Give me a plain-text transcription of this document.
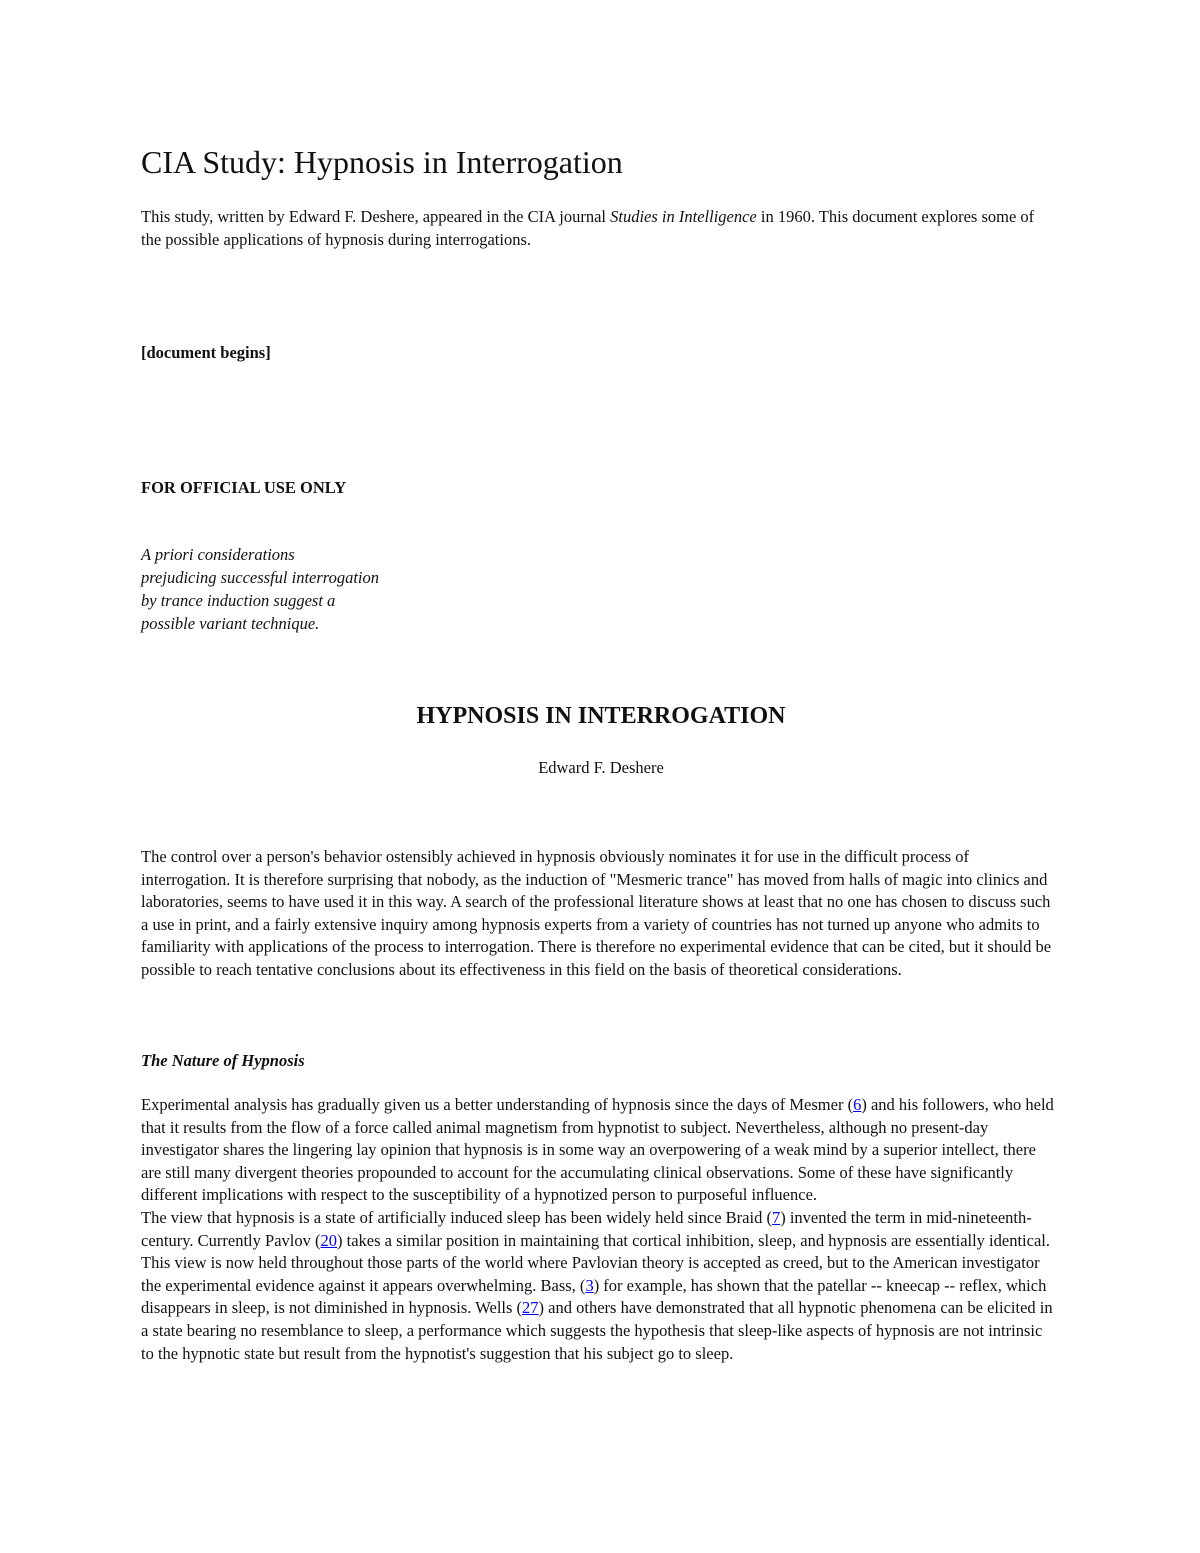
CIA Study: Hypnosis in Interrogation

This study, written by Edward F. Deshere, appeared in the CIA journal Studies in Intelligence in 1960. This document explores some of the possible applications of hypnosis during interrogations.

[document begins]

FOR OFFICIAL USE ONLY

A priori considerations
prejudicing successful interrogation
by trance induction suggest a
possible variant technique.

HYPNOSIS IN INTERROGATION

Edward F. Deshere

The control over a person's behavior ostensibly achieved in hypnosis obviously nominates it for use in the difficult process of interrogation. It is therefore surprising that nobody, as the induction of "Mesmeric trance" has moved from halls of magic into clinics and laboratories, seems to have used it in this way. A search of the professional literature shows at least that no one has chosen to discuss such a use in print, and a fairly extensive inquiry among hypnosis experts from a variety of countries has not turned up anyone who admits to familiarity with applications of the process to interrogation. There is therefore no experimental evidence that can be cited, but it should be possible to reach tentative conclusions about its effectiveness in this field on the basis of theoretical considerations.

The Nature of Hypnosis

Experimental analysis has gradually given us a better understanding of hypnosis since the days of Mesmer (6) and his followers, who held that it results from the flow of a force called animal magnetism from hypnotist to subject. Nevertheless, although no present-day investigator shares the lingering lay opinion that hypnosis is in some way an overpowering of a weak mind by a superior intellect, there are still many divergent theories propounded to account for the accumulating clinical observations. Some of these have significantly different implications with respect to the susceptibility of a hypnotized person to purposeful influence.

The view that hypnosis is a state of artificially induced sleep has been widely held since Braid (7) invented the term in mid-nineteenth-century. Currently Pavlov (20) takes a similar position in maintaining that cortical inhibition, sleep, and hypnosis are essentially identical. This view is now held throughout those parts of the world where Pavlovian theory is accepted as creed, but to the American investigator the experimental evidence against it appears overwhelming. Bass, (3) for example, has shown that the patellar -- kneecap -- reflex, which disappears in sleep, is not diminished in hypnosis. Wells (27) and others have demonstrated that all hypnotic phenomena can be elicited in a state bearing no resemblance to sleep, a performance which suggests the hypothesis that sleep-like aspects of hypnosis are not intrinsic to the hypnotic state but result from the hypnotist's suggestion that his subject go to sleep.
